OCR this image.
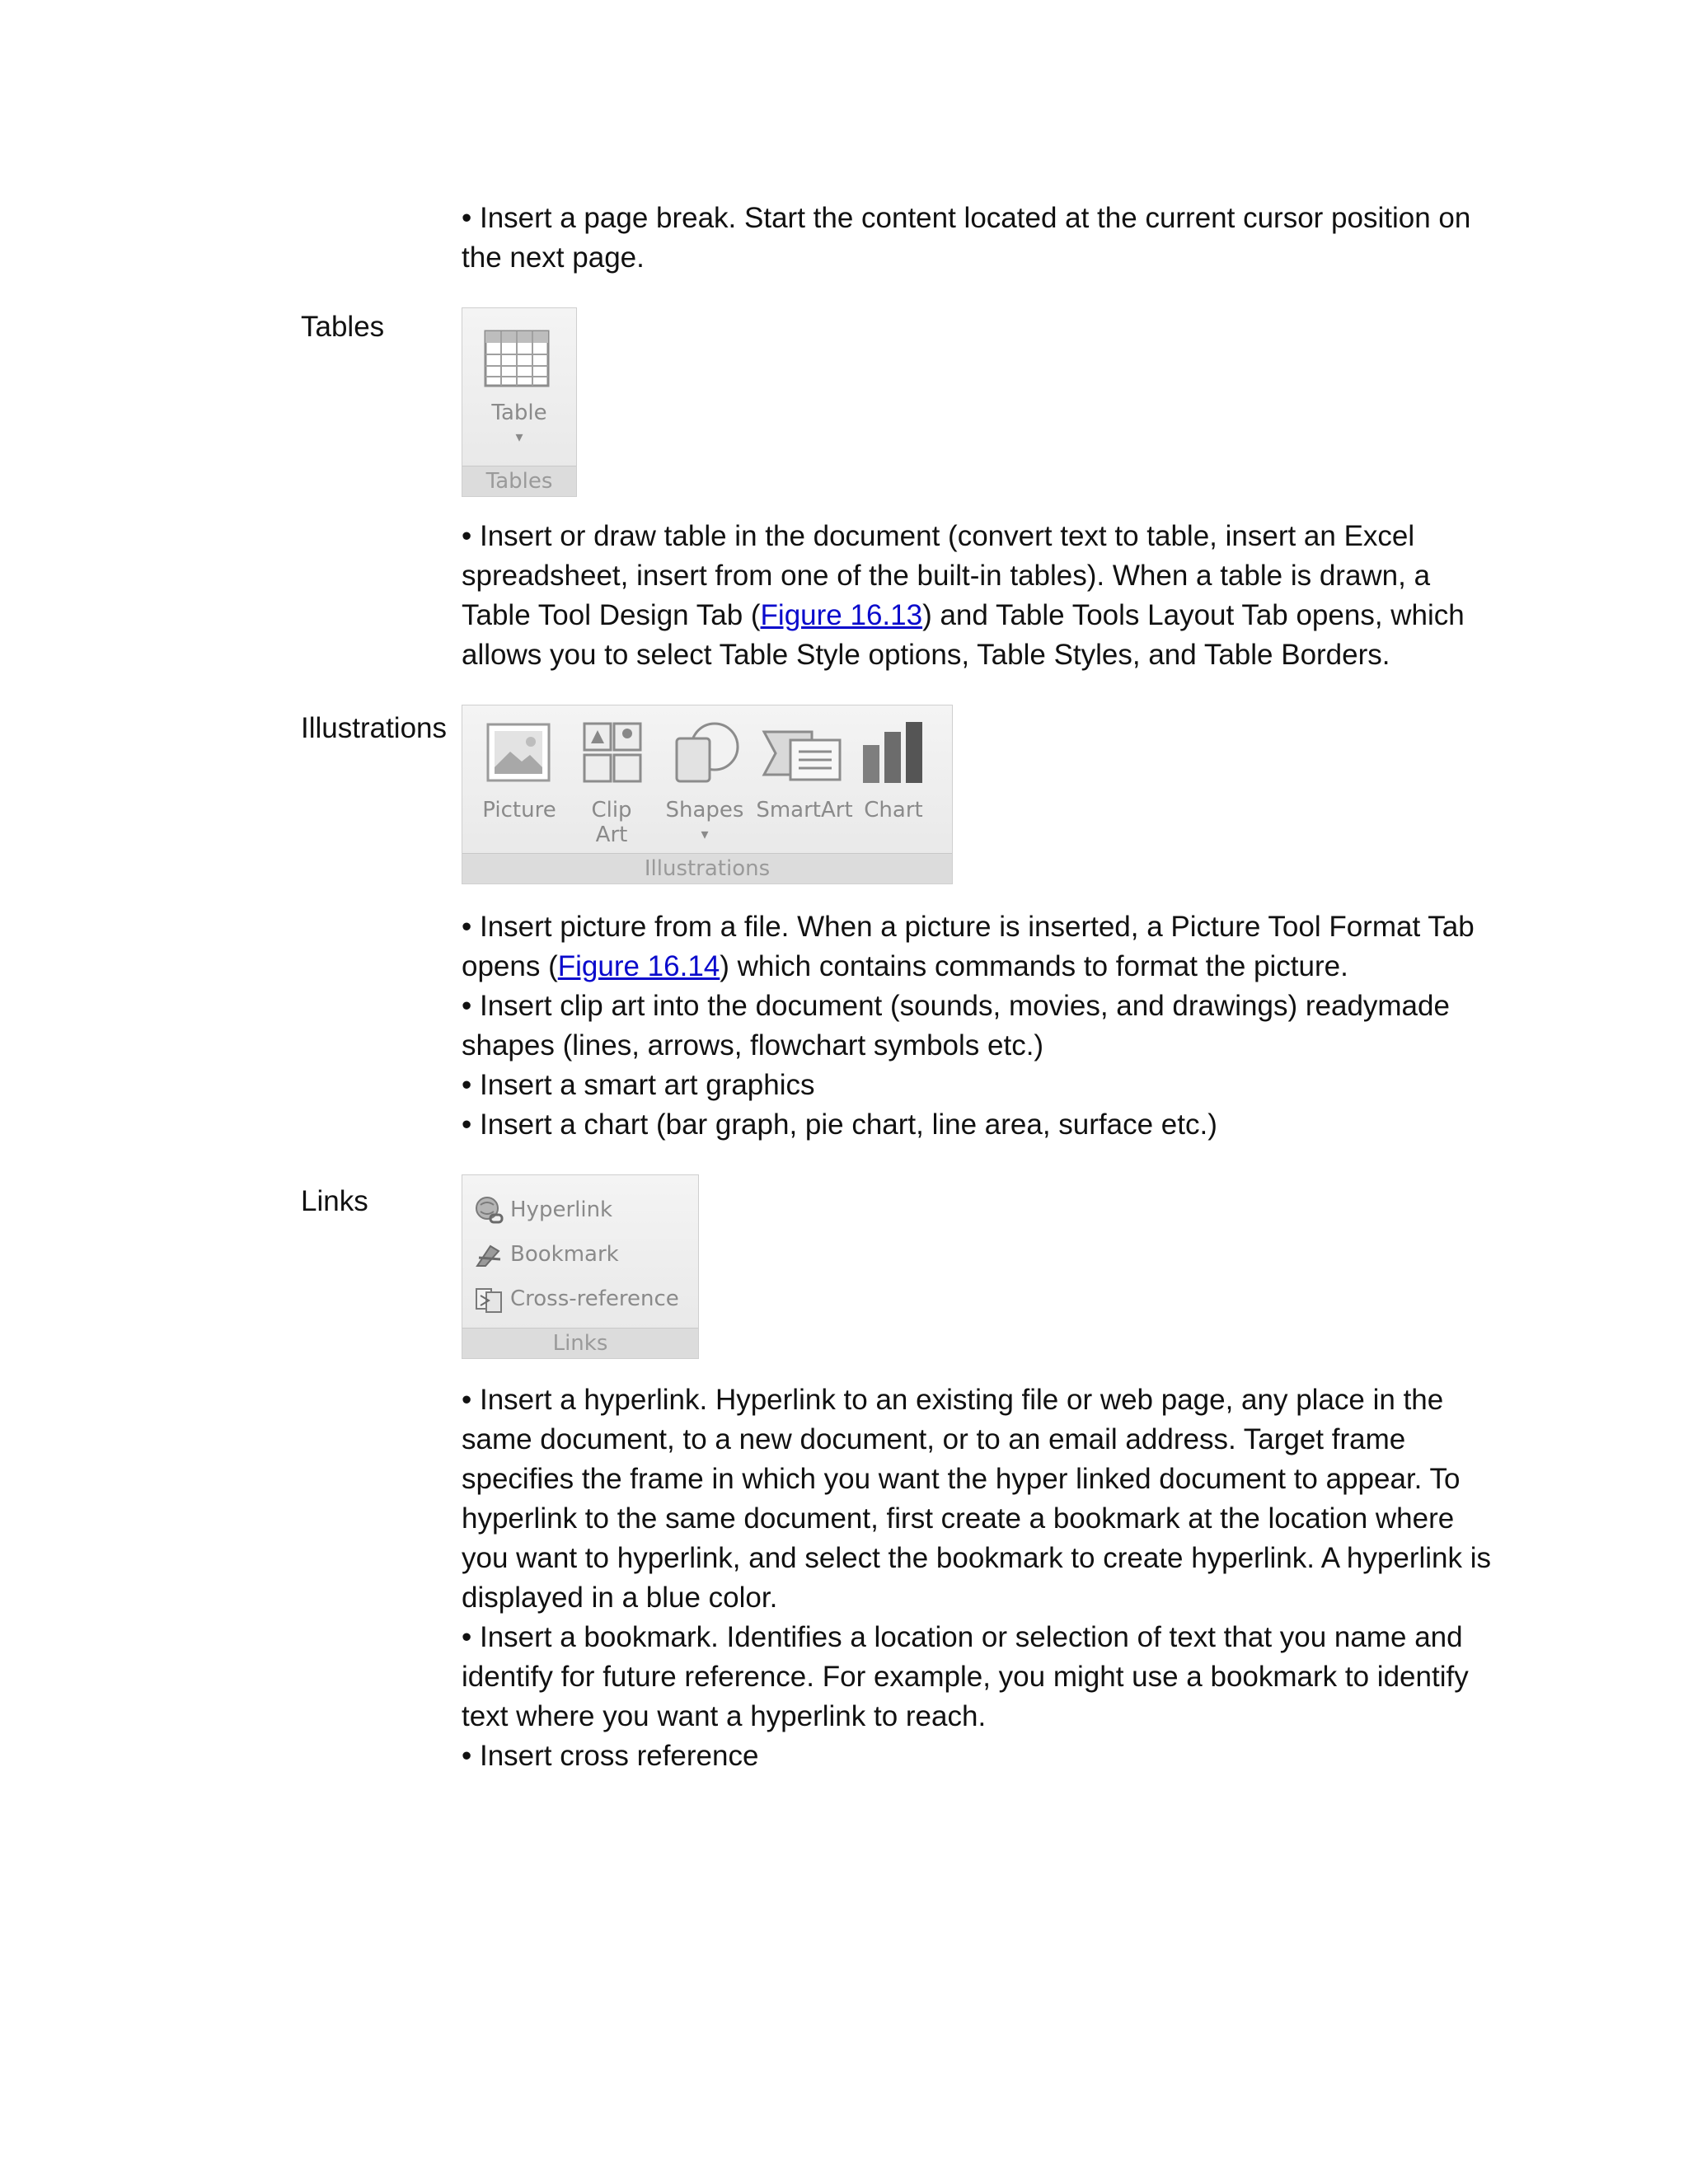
• Insert a page break. Start the content located at the current cursor position on
the next page.
Tables
Table
▾
Tables
• Insert or draw table in the document (convert text to table, insert an Excel
spreadsheet, insert from one of the built-in tables). When a table is drawn, a
Table Tool Design Tab (Figure 16.13) and Table Tools Layout Tab opens, which
allows you to select Table Style options, Table Styles, and Table Borders.
Illustrations
Picture	Clip
Art
Shapes
▾
SmartArt Chart
Illustrations
• Insert picture from a file. When a picture is inserted, a Picture Tool Format Tab
opens (Figure 16.14) which contains commands to format the picture.
• Insert clip art into the document (sounds, movies, and drawings) readymade
shapes (lines, arrows, flowchart symbols etc.)
• Insert a smart art graphics
• Insert a chart (bar graph, pie chart, line area, surface etc.)
Links	Hyperlink
Bookmark
Cross-reference
Links
• Insert a hyperlink. Hyperlink to an existing file or web page, any place in the
same document, to a new document, or to an email address. Target frame
specifies the frame in which you want the hyper linked document to appear. To
hyperlink to the same document, first create a bookmark at the location where
you want to hyperlink, and select the bookmark to create hyperlink. A hyperlink is
displayed in a blue color.
• Insert a bookmark. Identifies a location or selection of text that you name and
identify for future reference. For example, you might use a bookmark to identify
text where you want a hyperlink to reach.
• Insert cross reference
